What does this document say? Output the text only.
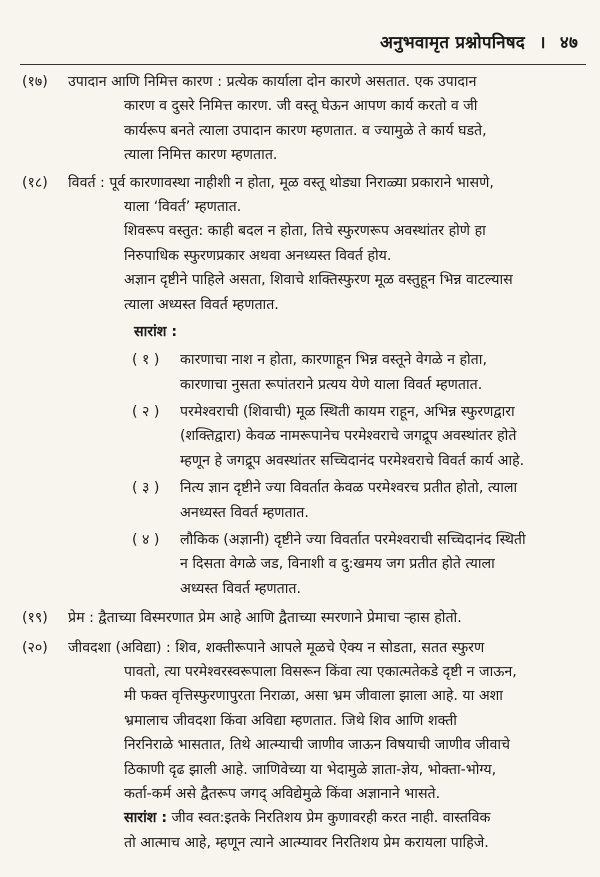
अनुभवामृत प्रश्नोपनिषद । ४७
(१७)	उपादान आणि निमित्त कारण : प्रत्येक कार्याला दोन कारणे असतात. एक उपादान
कारण व दुसरे निमित्त कारण. जी वस्तू घेऊन आपण कार्य करतो व जी
कार्यरूप बनते त्याला उपादान कारण म्हणतात. व ज्यामुळे ते कार्य घडते,
त्याला निमित्त कारण म्हणतात.
(१८)	विवर्त : पूर्व कारणावस्था नाहीशी न होता, मूळ वस्तू थोड्या निराळ्या प्रकाराने भासणे,
याला ‘विवर्त’ म्हणतात.
शिवरूप वस्तुत: काही बदल न होता, तिचे स्फुरणरूप अवस्थांतर होणे हा
निरुपाधिक स्फुरणप्रकार अथवा अनध्यस्त विवर्त होय.
अज्ञान दृष्टीने पाहिले असता, शिवाचे शक्तिस्फुरण मूळ वस्तुहून भिन्न वाटल्यास
त्याला अध्यस्त विवर्त म्हणतात.
सारांश :
( १ )	कारणाचा नाश न होता, कारणाहून भिन्न वस्तूने वेगळे न होता,
कारणाचा नुसता रूपांतराने प्रत्यय येणे याला विवर्त म्हणतात.
( २ )	परमेश्वराची (शिवाची) मूळ स्थिती कायम राहून, अभिन्न स्फुरणद्वारा
(शक्तिद्वारा) केवळ नामरूपानेच परमेश्वराचे जगद्रूप अवस्थांतर होते
म्हणून हे जगद्रूप अवस्थांतर सच्चिदानंद परमेश्वराचे विवर्त कार्य आहे.
( ३ )	नित्य ज्ञान दृष्टीने ज्या विवर्तात केवळ परमेश्वरच प्रतीत होतो, त्याला
अनध्यस्त विवर्त म्हणतात.
( ४ )	लौकिक (अज्ञानी) दृष्टीने ज्या विवर्तात परमेश्वराची सच्चिदानंद स्थिती
न दिसता वेगळे जड, विनाशी व दु:खमय जग प्रतीत होते त्याला
अध्यस्त विवर्त म्हणतात.
(१९)	प्रेम : द्वैताच्या विस्मरणात प्रेम आहे आणि द्वैताच्या स्मरणाने प्रेमाचा ऱ्हास होतो.
(२०)	जीवदशा (अविद्या) : शिव, शक्तीरूपाने आपले मूळचे ऐक्य न सोडता, सतत स्फुरण
पावतो, त्या परमेश्वरस्वरूपाला विसरून किंवा त्या एकात्मतेकडे दृष्टी न जाऊन,
मी फक्त वृत्तिस्फुरणापुरता निराळा, असा भ्रम जीवाला झाला आहे. या अशा
भ्रमालाच जीवदशा किंवा अविद्या म्हणतात. जिथे शिव आणि शक्ती
निरनिराळे भासतात, तिथे आत्म्याची जाणीव जाऊन विषयाची जाणीव जीवाचे
ठिकाणी दृढ झाली आहे. जाणिवेच्या या भेदामुळे ज्ञाता-ज्ञेय, भोक्ता-भोग्य,
कर्ता-कर्म असे द्वैतरूप जगद् अविद्येमुळे किंवा अज्ञानाने भासते.
सारांश : जीव स्वत:इतके निरतिशय प्रेम कुणावरही करत नाही. वास्तविक
तो आत्माच आहे, म्हणून त्याने आत्म्यावर निरतिशय प्रेम करायला पाहिजे.
